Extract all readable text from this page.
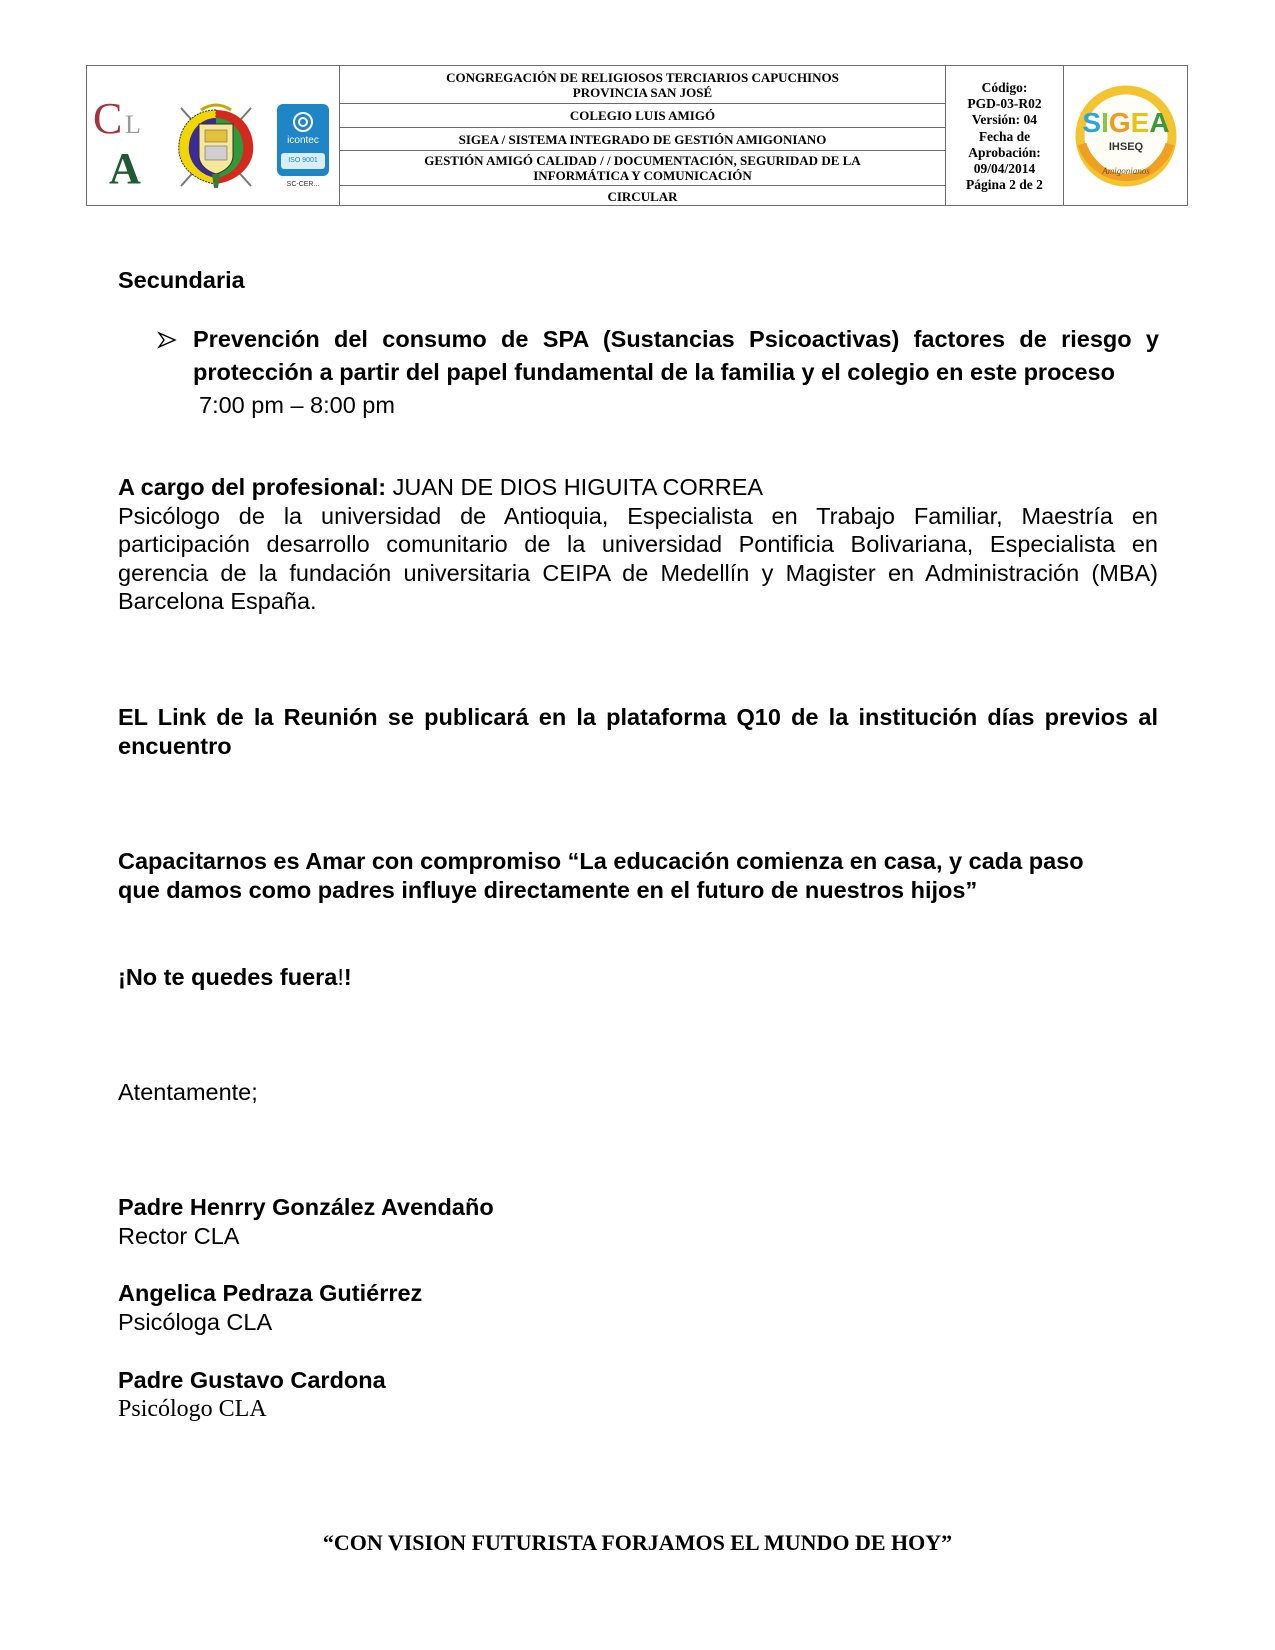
C L
A
icontec
ISO 9001
SC-CER...
CONGREGACIÓN DE RELIGIOSOS TERCIARIOS CAPUCHINOS
PROVINCIA SAN JOSÉ
COLEGIO LUIS AMIGÓ
SIGEA / SISTEMA INTEGRADO DE GESTIÓN AMIGONIANO
GESTIÓN AMIGÓ CALIDAD / / DOCUMENTACIÓN, SEGURIDAD DE LA
INFORMÁTICA Y COMUNICACIÓN
CIRCULAR
Código:
PGD-03-R02
Versión: 04
Fecha de
Aprobación:
09/04/2014
Página 2 de 2
SIGEA
IHSEQ
Amigonianos
Secundaria
Prevención del consumo de SPA (Sustancias Psicoactivas) factores de riesgo y
protección a partir del papel fundamental de la familia y el colegio en este proceso
7:00 pm – 8:00 pm
A cargo del profesional: JUAN DE DIOS HIGUITA CORREA
Psicólogo de la universidad de Antioquia, Especialista en Trabajo Familiar, Maestría en
participación desarrollo comunitario de la universidad Pontificia Bolivariana, Especialista en
gerencia de la fundación universitaria CEIPA de Medellín y Magister en Administración (MBA)
Barcelona España.
EL Link de la Reunión se publicará en la plataforma Q10 de la institución días previos al
encuentro
Capacitarnos es Amar con compromiso “La educación comienza en casa, y cada paso
que damos como padres influye directamente en el futuro de nuestros hijos”
¡No te quedes fuera!!
Atentamente;
Padre Henrry González Avendaño
Rector CLA
Angelica Pedraza Gutiérrez
Psicóloga CLA
Padre Gustavo Cardona
Psicólogo CLA
“CON VISION FUTURISTA FORJAMOS EL MUNDO DE HOY”
